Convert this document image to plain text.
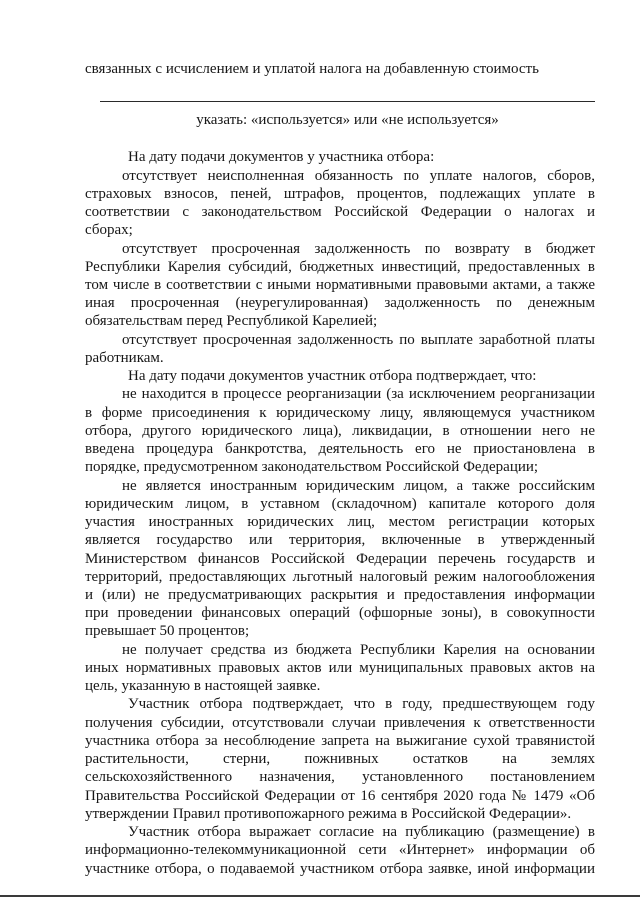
связанных с исчислением и уплатой налога на добавленную стоимость
указать: «используется» или «не используется»
На дату подачи документов у участника отбора:
отсутствует неисполненная обязанность по уплате налогов, сборов,
страховых взносов, пеней, штрафов, процентов, подлежащих уплате в
соответствии с законодательством Российской Федерации о налогах и
сборах;
отсутствует просроченная задолженность по возврату в бюджет
Республики Карелия субсидий, бюджетных инвестиций, предоставленных в
том числе в соответствии с иными нормативными правовыми актами, а также
иная просроченная (неурегулированная) задолженность по денежным
обязательствам перед Республикой Карелией;
отсутствует просроченная задолженность по выплате заработной платы
работникам.
На дату подачи документов участник отбора подтверждает, что:
не находится в процессе реорганизации (за исключением реорганизации
в форме присоединения к юридическому лицу, являющемуся участником
отбора, другого юридического лица), ликвидации, в отношении него не
введена процедура банкротства, деятельность его не приостановлена в
порядке, предусмотренном законодательством Российской Федерации;
не является иностранным юридическим лицом, а также российским
юридическим лицом, в уставном (складочном) капитале которого доля
участия иностранных юридических лиц, местом регистрации которых
является государство или территория, включенные в утвержденный
Министерством финансов Российской Федерации перечень государств и
территорий, предоставляющих льготный налоговый режим налогообложения
и (или) не предусматривающих раскрытия и предоставления информации
при проведении финансовых операций (офшорные зоны), в совокупности
превышает 50 процентов;
не получает средства из бюджета Республики Карелия на основании
иных нормативных правовых актов или муниципальных правовых актов на
цель, указанную в настоящей заявке.
Участник отбора подтверждает, что в году, предшествующем году
получения субсидии, отсутствовали случаи привлечения к ответственности
участника отбора за несоблюдение запрета на выжигание сухой травянистой
растительности, стерни, пожнивных остатков на землях
сельскохозяйственного назначения, установленного постановлением
Правительства Российской Федерации от 16 сентября 2020 года № 1479 «Об
утверждении Правил противопожарного режима в Российской Федерации».
Участник отбора выражает согласие на публикацию (размещение) в
информационно-телекоммуникационной сети «Интернет» информации об
участнике отбора, о подаваемой участником отбора заявке, иной информации
